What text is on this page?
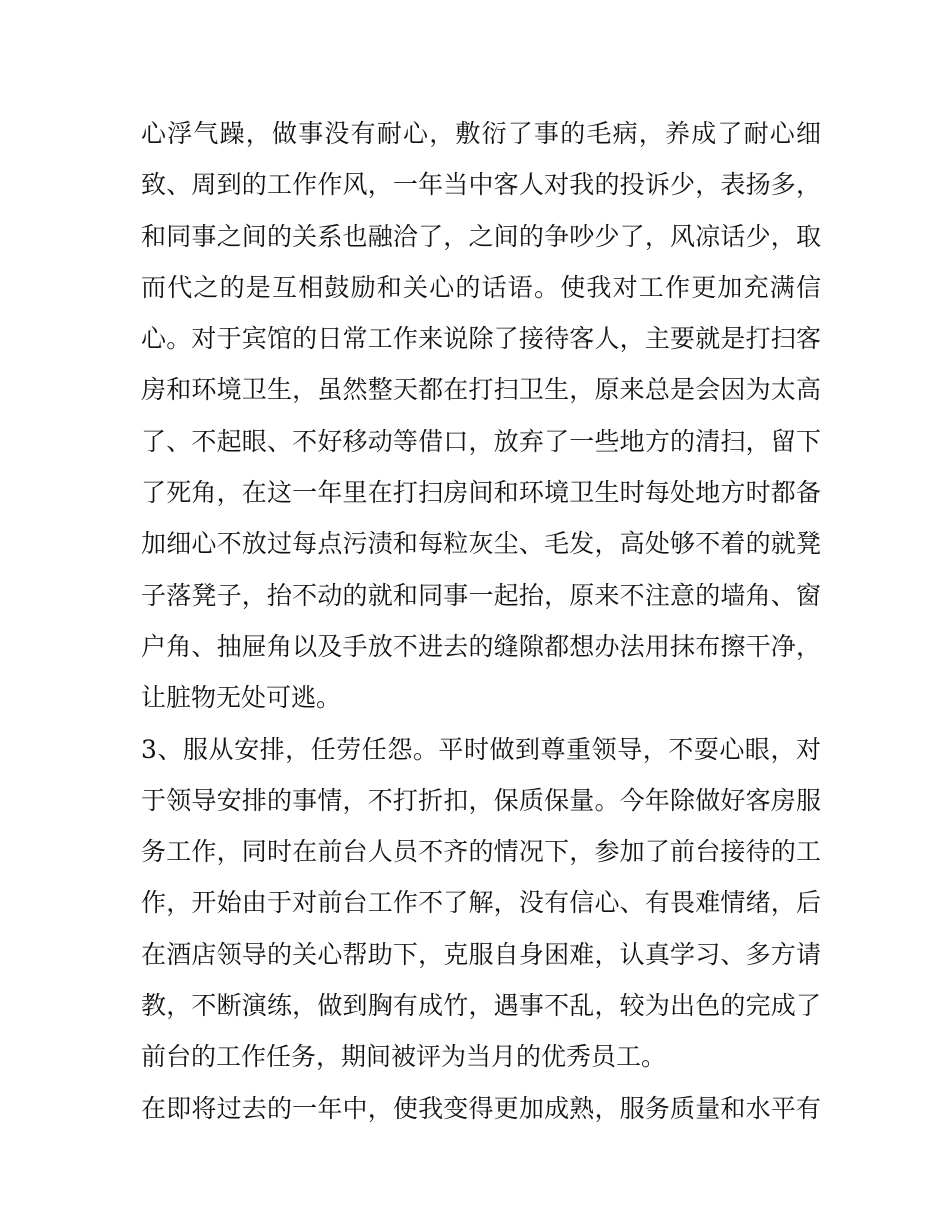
心浮气躁，做事没有耐心，敷衍了事的毛病，养成了耐心细
致、周到的工作作风，一年当中客人对我的投诉少，表扬多，
和同事之间的关系也融洽了，之间的争吵少了，风凉话少，取
而代之的是互相鼓励和关心的话语。使我对工作更加充满信
心。对于宾馆的日常工作来说除了接待客人，主要就是打扫客
房和环境卫生，虽然整天都在打扫卫生，原来总是会因为太高
了、不起眼、不好移动等借口，放弃了一些地方的清扫，留下
了死角，在这一年里在打扫房间和环境卫生时每处地方时都备
加细心不放过每点污渍和每粒灰尘、毛发，高处够不着的就凳
子落凳子，抬不动的就和同事一起抬，原来不注意的墙角、窗
户角、抽屉角以及手放不进去的缝隙都想办法用抹布擦干净，
让脏物无处可逃。
3、服从安排，任劳任怨。平时做到尊重领导，不耍心眼，对
于领导安排的事情，不打折扣，保质保量。今年除做好客房服
务工作，同时在前台人员不齐的情况下，参加了前台接待的工
作，开始由于对前台工作不了解，没有信心、有畏难情绪，后
在酒店领导的关心帮助下，克服自身困难，认真学习、多方请
教，不断演练，做到胸有成竹，遇事不乱，较为出色的完成了
前台的工作任务，期间被评为当月的优秀员工。
在即将过去的一年中，使我变得更加成熟，服务质量和水平有
